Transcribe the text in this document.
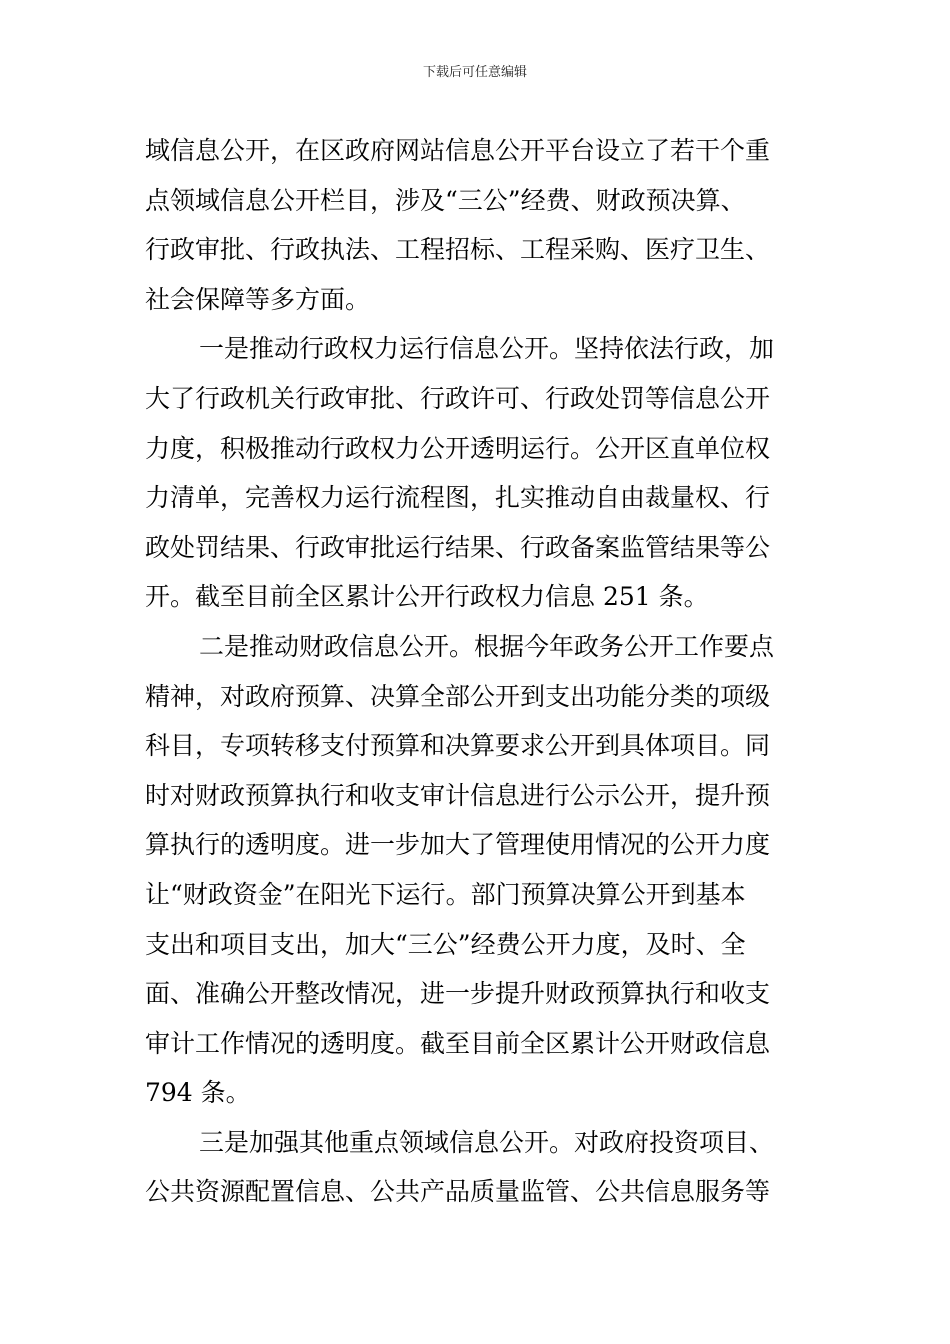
下载后可任意编辑
域信息公开，在区政府网站信息公开平台设立了若干个重
点领域信息公开栏目，涉及“三公”经费、财政预决算、
行政审批、行政执法、工程招标、工程采购、医疗卫生、
社会保障等多方面。
一是推动行政权力运行信息公开。坚持依法行政，加
大了行政机关行政审批、行政许可、行政处罚等信息公开
力度，积极推动行政权力公开透明运行。公开区直单位权
力清单，完善权力运行流程图，扎实推动自由裁量权、行
政处罚结果、行政审批运行结果、行政备案监管结果等公
开。截至目前全区累计公开行政权力信息 251 条。
二是推动财政信息公开。根据今年政务公开工作要点
精神，对政府预算、决算全部公开到支出功能分类的项级
科目，专项转移支付预算和决算要求公开到具体项目。同
时对财政预算执行和收支审计信息进行公示公开，提升预
算执行的透明度。进一步加大了管理使用情况的公开力度
让“财政资金”在阳光下运行。部门预算决算公开到基本
支出和项目支出，加大“三公”经费公开力度，及时、全
面、准确公开整改情况，进一步提升财政预算执行和收支
审计工作情况的透明度。截至目前全区累计公开财政信息
794 条。
三是加强其他重点领域信息公开。对政府投资项目、
公共资源配置信息、公共产品质量监管、公共信息服务等
